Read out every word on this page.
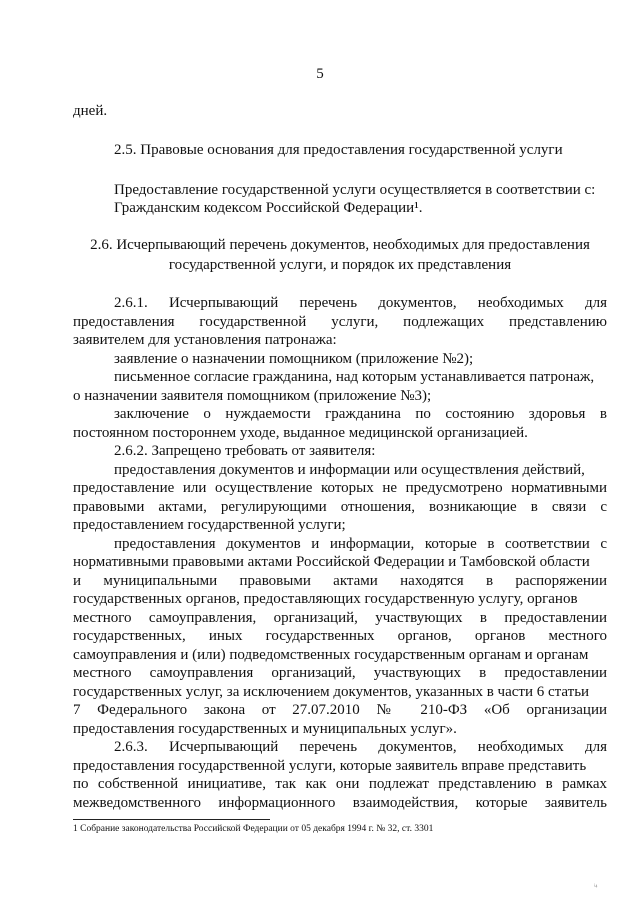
5
дней.
2.5. Правовые основания для предоставления государственной услуги
Предоставление государственной услуги осуществляется в соответствии с:
Гражданским кодексом Российской Федерации¹.
2.6. Исчерпывающий перечень документов, необходимых для предоставления
государственной услуги, и порядок их представления
2.6.1. Исчерпывающий перечень документов, необходимых для
предоставления государственной услуги, подлежащих представлению
заявителем для установления патронажа:
заявление о назначении помощником (приложение №2);
письменное согласие гражданина, над которым устанавливается патронаж,
о назначении заявителя помощником (приложение №3);
заключение о нуждаемости гражданина по состоянию здоровья в
постоянном постороннем уходе, выданное медицинской организацией.
2.6.2. Запрещено требовать от заявителя:
предоставления документов и информации или осуществления действий,
предоставление или осуществление которых не предусмотрено нормативными
правовыми актами, регулирующими отношения, возникающие в связи с
предоставлением государственной услуги;
предоставления документов и информации, которые в соответствии с
нормативными правовыми актами Российской Федерации и Тамбовской области
и муниципальными правовыми актами находятся в распоряжении
государственных органов, предоставляющих государственную услугу, органов
местного самоуправления, организаций, участвующих в предоставлении
государственных, иных государственных органов, органов местного
самоуправления и (или) подведомственных государственным органам и органам
местного самоуправления организаций, участвующих в предоставлении
государственных услуг, за исключением документов, указанных в части 6 статьи
7 Федерального закона от 27.07.2010 № 210-ФЗ «Об организации
предоставления государственных и муниципальных услуг».
2.6.3. Исчерпывающий перечень документов, необходимых для
предоставления государственной услуги, которые заявитель вправе представить
по собственной инициативе, так как они подлежат представлению в рамках
межведомственного информационного взаимодействия, которые заявитель
1 Собрание законодательства Российской Федерации от 05 декабря 1994 г. № 32, ст. 3301
ᵢ₄
